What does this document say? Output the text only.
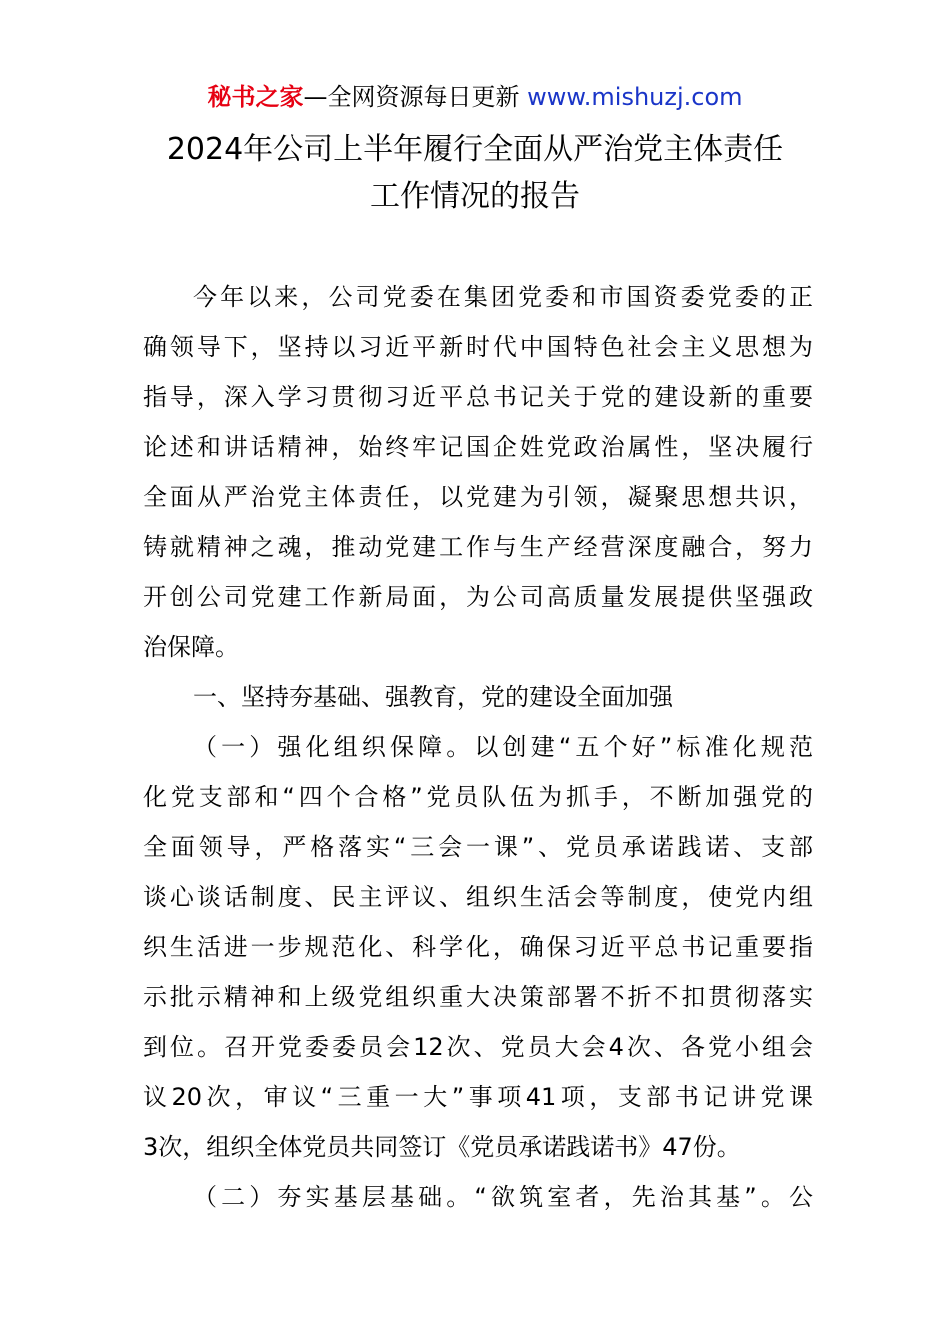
秘书之家—全网资源每日更新 www.mishuzj.com
2024年公司上半年履行全面从严治党主体责任
工作情况的报告
今年以来，公司党委在集团党委和市国资委党委的正
确领导下，坚持以习近平新时代中国特色社会主义思想为
指导，深入学习贯彻习近平总书记关于党的建设新的重要
论述和讲话精神，始终牢记国企姓党政治属性，坚决履行
全面从严治党主体责任，以党建为引领，凝聚思想共识，
铸就精神之魂，推动党建工作与生产经营深度融合，努力
开创公司党建工作新局面，为公司高质量发展提供坚强政
治保障。
一、坚持夯基础、强教育，党的建设全面加强
（一）强化组织保障。以创建“五个好”标准化规范
化党支部和“四个合格”党员队伍为抓手，不断加强党的
全面领导，严格落实“三会一课”、党员承诺践诺、支部
谈心谈话制度、民主评议、组织生活会等制度，使党内组
织生活进一步规范化、科学化，确保习近平总书记重要指
示批示精神和上级党组织重大决策部署不折不扣贯彻落实
到位。召开党委委员会12次、党员大会4次、各党小组会
议20次，审议“三重一大”事项41项，支部书记讲党课
3次，组织全体党员共同签订《党员承诺践诺书》47份。
（二）夯实基层基础。“欲筑室者，先治其基”。公
